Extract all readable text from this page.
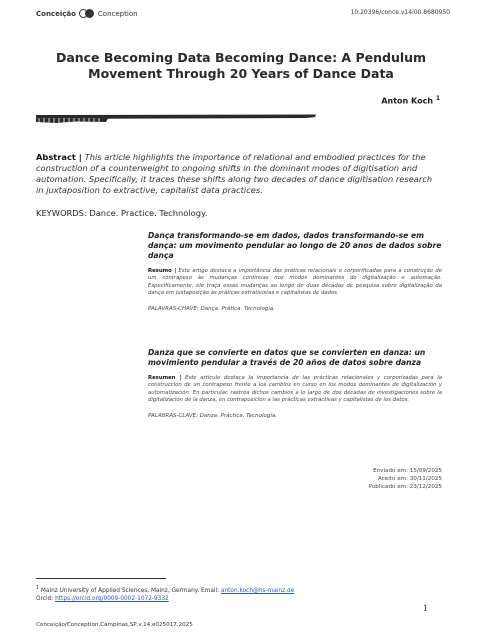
Conceição	Conception	10.20396/conce.v14i00.8680950
Dance Becoming Data Becoming Dance: A Pendulum Movement Through 20 Years of Dance Data
Anton Koch $^1$
Abstract | This article highlights the importance of relational and embodied practices for the construction of a counterweight to ongoing shifts in the dominant modes of digitisation and automation. Specifically, it traces these shifts along two decades of dance digitisation research in juxtaposition to extractive, capitalist data practices.
KEYWORDS: Dance. Practice. Technology.
Dança transformando-se em dados, dados transformando-se em dança: um movimento pendular ao longo de 20 anos de dados sobre dança
Resumo | Este artigo destaca a importância das práticas relacionais e corporificadas para a construção de um contrapeso às mudanças contínuas nos modos dominantes de digitalização e automação. Especificamente, ele traça essas mudanças ao longo de duas décadas de pesquisa sobre digitalização da dança em justaposição às práticas extrativistas e capitalistas de dados.
PALAVRAS-CHAVE: Dança. Prática. Tecnologia.
Danza que se convierte en datos que se convierten en danza: un movimiento pendular a través de 20 años de datos sobre danza
Resumen | Este artículo destaca la importancia de las prácticas relacionales y corporizadas para la construcción de un contrapeso frente a los cambios en curso en los modos dominantes de digitalización y automatización. En particular, rastrea dichos cambios a lo largo de dos décadas de investigaciones sobre la digitalización de la danza, en contraposición a las prácticas extractivas y capitalistas de los datos.
PALABRAS-CLAVE: Danza. Práctica. Tecnología.
Enviado em: 15/09/2025
Aceito em: 30/11/2025
Publicado em: 23/12/2025
$^1$ Mainz University of Applied Sciences, Mainz, Germany. Email: anton.koch@hs-mainz.de
Orcid: https://orcid.org/0009-0002-1072-9332
1
Conceição/Conception,Campinas,SP,v.14,e025017,2025
